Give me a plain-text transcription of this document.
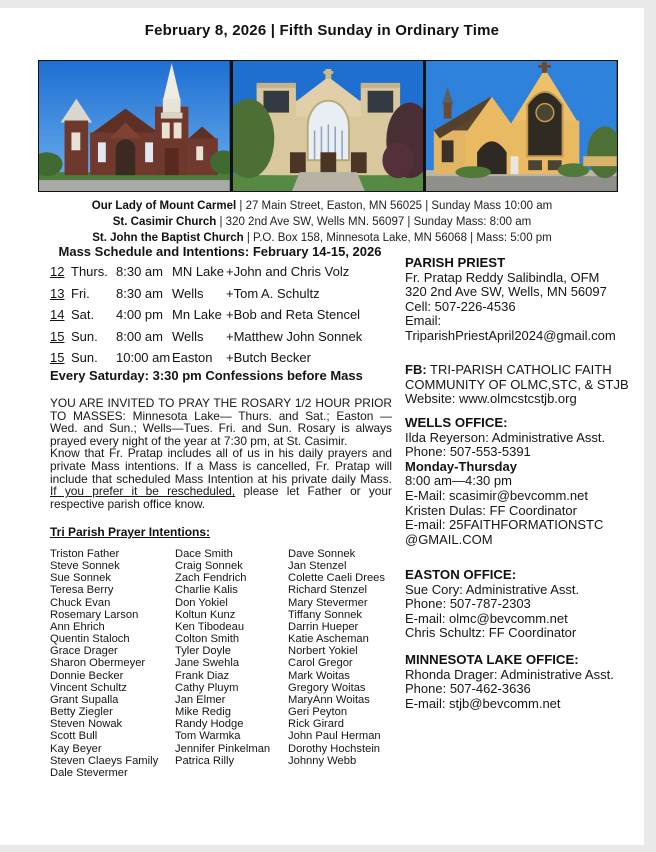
February 8, 2026 | Fifth Sunday in Ordinary Time
Our Lady of Mount Carmel | 27 Main Street, Easton, MN 56025 | Sunday Mass 10:00 am
St. Casimir Church | 320 2nd Ave SW, Wells MN. 56097 | Sunday Mass: 8:00 am
St. John the Baptist Church | P.O. Box 158, Minnesota Lake, MN 56068 | Mass: 5:00 pm
Mass Schedule and Intentions: February 14-15, 2026
12 Thurs. 8:30 am MN Lake +John and Chris Volz
13 Fri.	8:30 am Wells	+Tom A. Schultz
14 Sat.	4:00 pm Mn Lake +Bob and Reta Stencel
15 Sun.	8:00 am Wells	+Matthew John Sonnek
15 Sun.	10:00 am Easton	+Butch Becker
Every Saturday: 3:30 pm Confessions before Mass

YOU ARE INVITED TO PRAY THE ROSARY 1/2 HOUR PRIOR TO MASSES: Minnesota Lake— Thurs. and Sat.; Easton —Wed. and Sun.; Wells—Tues. Fri. and Sun. Rosary is always prayed every night of the year at 7:30 pm, at St. Casimir.

Know that Fr. Pratap includes all of us in his daily prayers and private Mass intentions. If a Mass is cancelled, Fr. Pratap will include that scheduled Mass Intention at his private daily Mass. If you prefer it be rescheduled, please let Father or your respective parish office know.

Tri Parish Prayer Intentions:
Triston Father
Steve Sonnek
Sue Sonnek
Teresa Berry
Chuck Evan
Rosemary Larson
Ann Ehrich
Quentin Staloch
Grace Drager
Sharon Obermeyer
Donnie Becker
Vincent Schultz
Grant Supalla
Betty Ziegler
Steven Nowak
Scott Bull
Kay Beyer
Steven Claeys Family
Dale Stevermer
Dace Smith
Craig Sonnek
Zach Fendrich
Charlie Kalis
Don Yokiel
Koltun Kunz
Ken Tibodeau
Colton Smith
Tyler Doyle
Jane Swehla
Frank Diaz
Cathy Pluym
Jan Elmer
Mike Redig
Randy Hodge
Tom Warmka
Jennifer Pinkelman
Patrica Rilly
Dave Sonnek
Jan Stenzel
Colette Caeli Drees
Richard Stenzel
Mary Stevermer
Tiffany Sonnek
Darrin Hueper
Katie Ascheman
Norbert Yokiel
Carol Gregor
Mark Woitas
Gregory Woitas
MaryAnn Woitas
Geri Peyton
Rick Girard
John Paul Herman
Dorothy Hochstein
Johnny Webb
PARISH PRIEST
Fr. Pratap Reddy Salibindla, OFM
320 2nd Ave SW, Wells, MN 56097
Cell: 507-226-4536
Email:
TriparishPriestApril2024@gmail.com
FB: TRI-PARISH CATHOLIC FAITH
COMMUNITY OF OLMC,STC, & STJB
Website: www.olmcstcstjb.org
WELLS OFFICE:
Ilda Reyerson: Administrative Asst.
Phone: 507-553-5391
Monday-Thursday
8:00 am—4:30 pm
E-Mail: scasimir@bevcomm.net
Kristen Dulas: FF Coordinator
E-mail: 25FAITHFORMATIONSTC
@GMAIL.COM
EASTON OFFICE:
Sue Cory: Administrative Asst.
Phone: 507-787-2303
E-mail: olmc@bevcomm.net
Chris Schultz: FF Coordinator
MINNESOTA LAKE OFFICE:
Rhonda Drager: Administrative Asst.
Phone: 507-462-3636
E-mail: stjb@bevcomm.net
